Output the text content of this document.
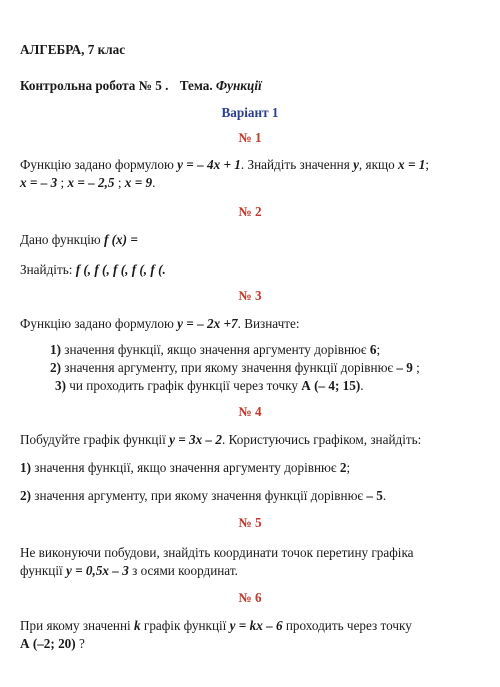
АЛГЕБРА, 7 клас
Контрольна робота № 5 . Тема. Функції
Варіант 1
№ 1
Функцію задано формулою y = – 4x + 1. Знайдіть значення y, якщо x = 1;
x = – 3 ; x = – 2,5 ; x = 9.
№ 2
Дано функцію f (x) =
Знайдіть: f (, f (, f (, f (, f (.
№ 3
Функцію задано формулою y = – 2x +7. Визначте:
1) значення функції, якщо значення аргументу дорівнює 6;
2) значення аргументу, при якому значення функції дорівнює – 9 ;
3) чи проходить графік функції через точку А (– 4; 15).
№ 4
Побудуйте графік функції y = 3x – 2. Користуючись графіком, знайдіть:
1) значення функції, якщо значення аргументу дорівнює 2;
2) значення аргументу, при якому значення функції дорівнює – 5.
№ 5
Не виконуючи побудови, знайдіть координати точок перетину графіка
функції y = 0,5x – 3 з осями координат.
№ 6
При якому значенні k графік функції y = kx – 6 проходить через точку
А (–2; 20) ?
